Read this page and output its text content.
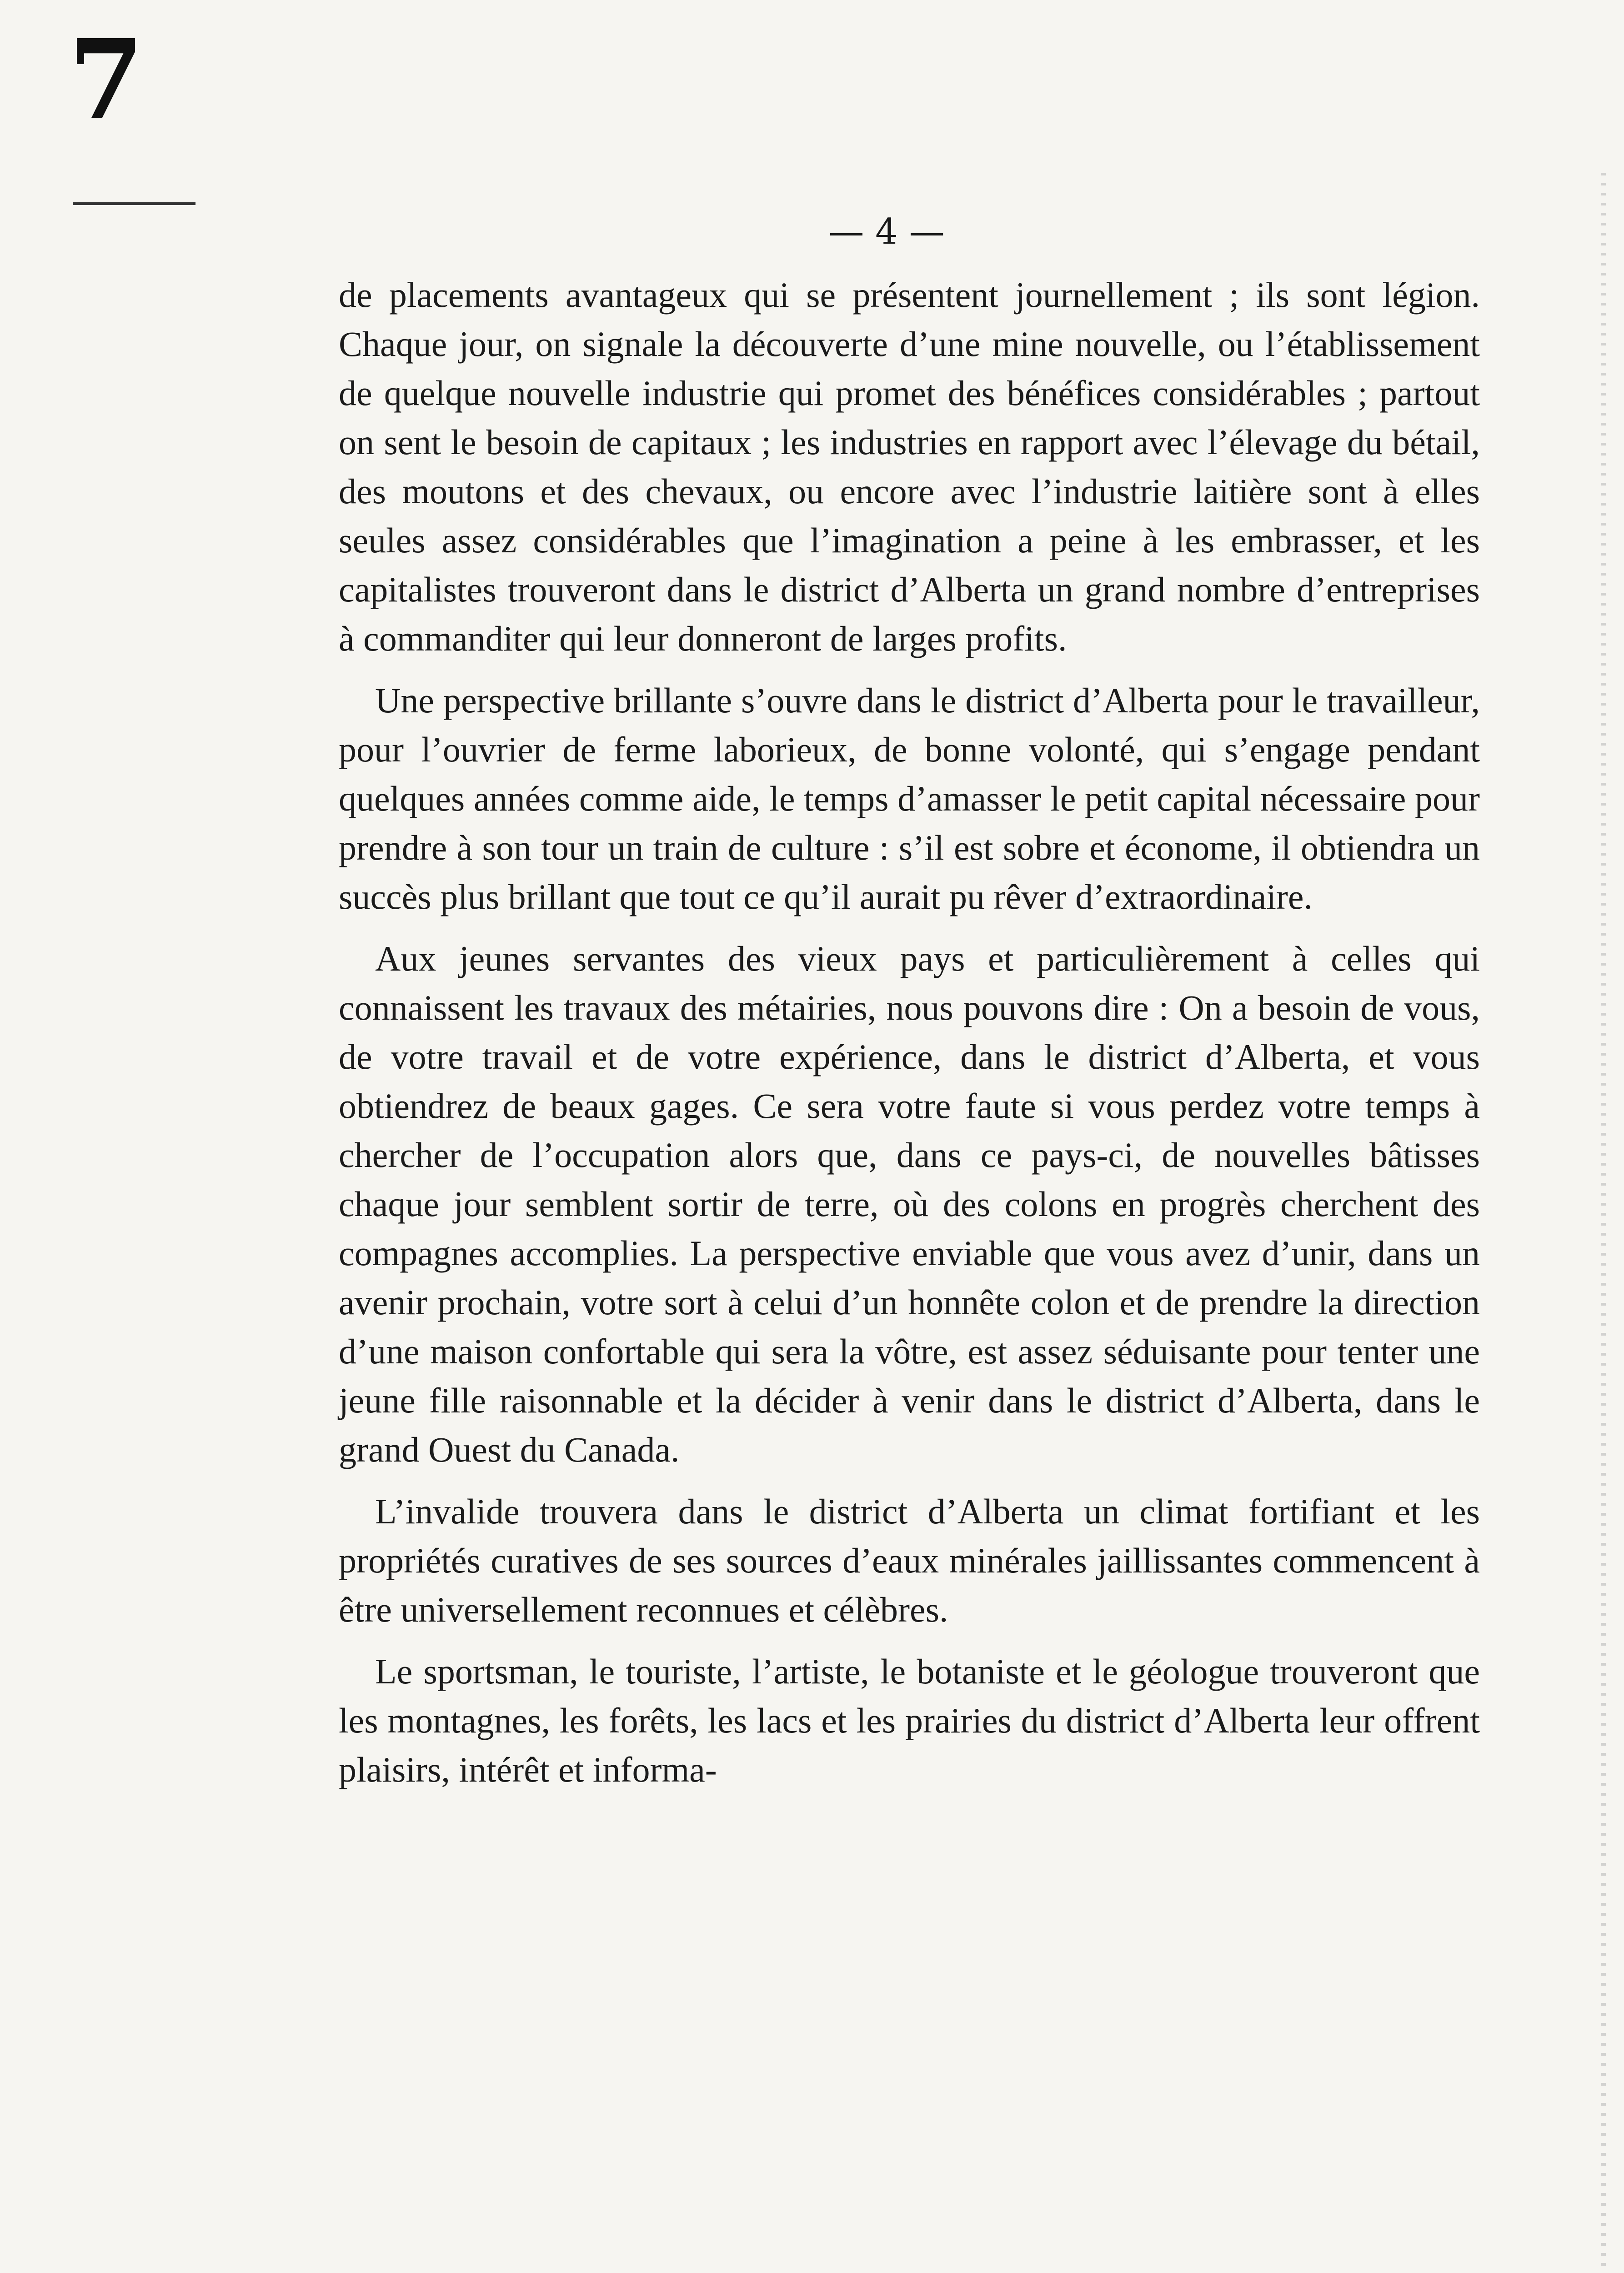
7
— 4 —

de placements avantageux qui se présentent journellement ; ils sont légion. Chaque jour, on signale la découverte d’une mine nouvelle, ou l’établissement de quelque nouvelle industrie qui promet des bénéfices considérables ; partout on sent le besoin de capitaux ; les industries en rapport avec l’élevage du bétail, des moutons et des chevaux, ou encore avec l’industrie laitière sont à elles seules assez considérables que l’imagination a peine à les embrasser, et les capitalistes trouveront dans le district d’Alberta un grand nombre d’entreprises à commanditer qui leur donneront de larges profits.

Une perspective brillante s’ouvre dans le district d’Alberta pour le travailleur, pour l’ouvrier de ferme laborieux, de bonne volonté, qui s’engage pendant quelques années comme aide, le temps d’amasser le petit capital nécessaire pour prendre à son tour un train de culture : s’il est sobre et économe, il obtiendra un succès plus brillant que tout ce qu’il aurait pu rêver d’extraordinaire.

Aux jeunes servantes des vieux pays et particulièrement à celles qui connaissent les travaux des métairies, nous pouvons dire : On a besoin de vous, de votre travail et de votre expérience, dans le district d’Alberta, et vous obtiendrez de beaux gages. Ce sera votre faute si vous perdez votre temps à chercher de l’occupation alors que, dans ce pays-ci, de nouvelles bâtisses chaque jour semblent sortir de terre, où des colons en progrès cherchent des compagnes accomplies. La perspective enviable que vous avez d’unir, dans un avenir prochain, votre sort à celui d’un honnête colon et de prendre la direction d’une maison confortable qui sera la vôtre, est assez séduisante pour tenter une jeune fille raisonnable et la décider à venir dans le district d’Alberta, dans le grand Ouest du Canada.

L’invalide trouvera dans le district d’Alberta un climat fortifiant et les propriétés curatives de ses sources d’eaux minérales jaillissantes commencent à être universellement reconnues et célèbres.

Le sportsman, le touriste, l’artiste, le botaniste et le géologue trouveront que les montagnes, les forêts, les lacs et les prairies du district d’Alberta leur offrent plaisirs, intérêt et informa-
